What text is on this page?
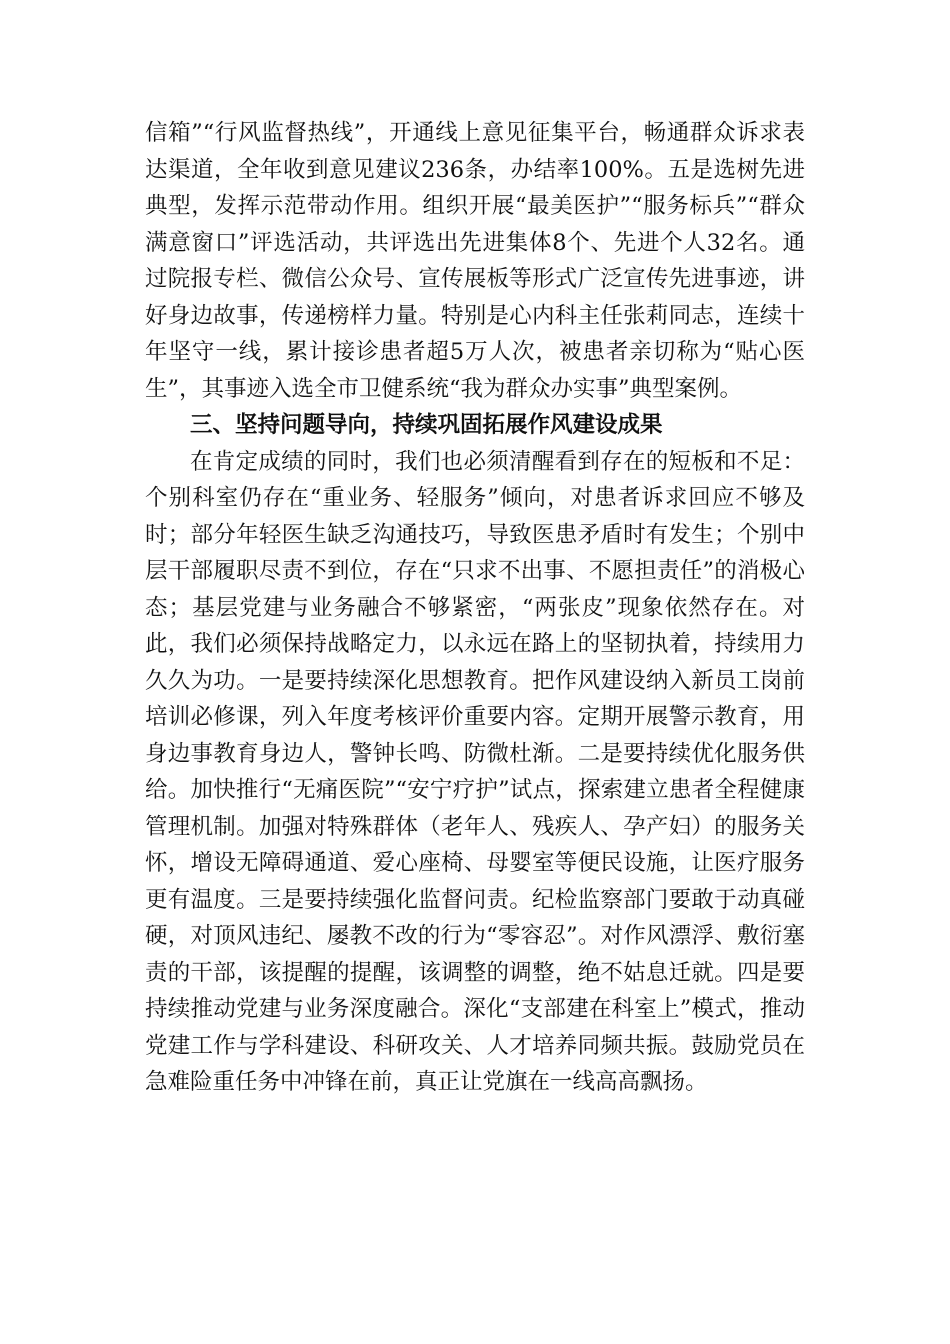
信箱”“行风监督热线”，开通线上意见征集平台，畅通群众诉求表达渠道，全年收到意见建议236条，办结率100%。五是选树先进典型，发挥示范带动作用。组织开展“最美医护”“服务标兵”“群众满意窗口”评选活动，共评选出先进集体8个、先进个人32名。通过院报专栏、微信公众号、宣传展板等形式广泛宣传先进事迹，讲好身边故事，传递榜样力量。特别是心内科主任张莉同志，连续十年坚守一线，累计接诊患者超5万人次，被患者亲切称为“贴心医生”，其事迹入选全市卫健系统“我为群众办实事”典型案例。

三、坚持问题导向，持续巩固拓展作风建设成果

在肯定成绩的同时，我们也必须清醒看到存在的短板和不足：个别科室仍存在“重业务、轻服务”倾向，对患者诉求回应不够及时；部分年轻医生缺乏沟通技巧，导致医患矛盾时有发生；个别中层干部履职尽责不到位，存在“只求不出事、不愿担责任”的消极心态；基层党建与业务融合不够紧密，“两张皮”现象依然存在。对此，我们必须保持战略定力，以永远在路上的坚韧执着，持续用力久久为功。一是要持续深化思想教育。把作风建设纳入新员工岗前培训必修课，列入年度考核评价重要内容。定期开展警示教育，用身边事教育身边人，警钟长鸣、防微杜渐。二是要持续优化服务供给。加快推行“无痛医院”“安宁疗护”试点，探索建立患者全程健康管理机制。加强对特殊群体（老年人、残疾人、孕产妇）的服务关怀，增设无障碍通道、爱心座椅、母婴室等便民设施，让医疗服务更有温度。三是要持续强化监督问责。纪检监察部门要敢于动真碰硬，对顶风违纪、屡教不改的行为“零容忍”。对作风漂浮、敷衍塞责的干部，该提醒的提醒，该调整的调整，绝不姑息迁就。四是要持续推动党建与业务深度融合。深化“支部建在科室上”模式，推动党建工作与学科建设、科研攻关、人才培养同频共振。鼓励党员在急难险重任务中冲锋在前，真正让党旗在一线高高飘扬。
